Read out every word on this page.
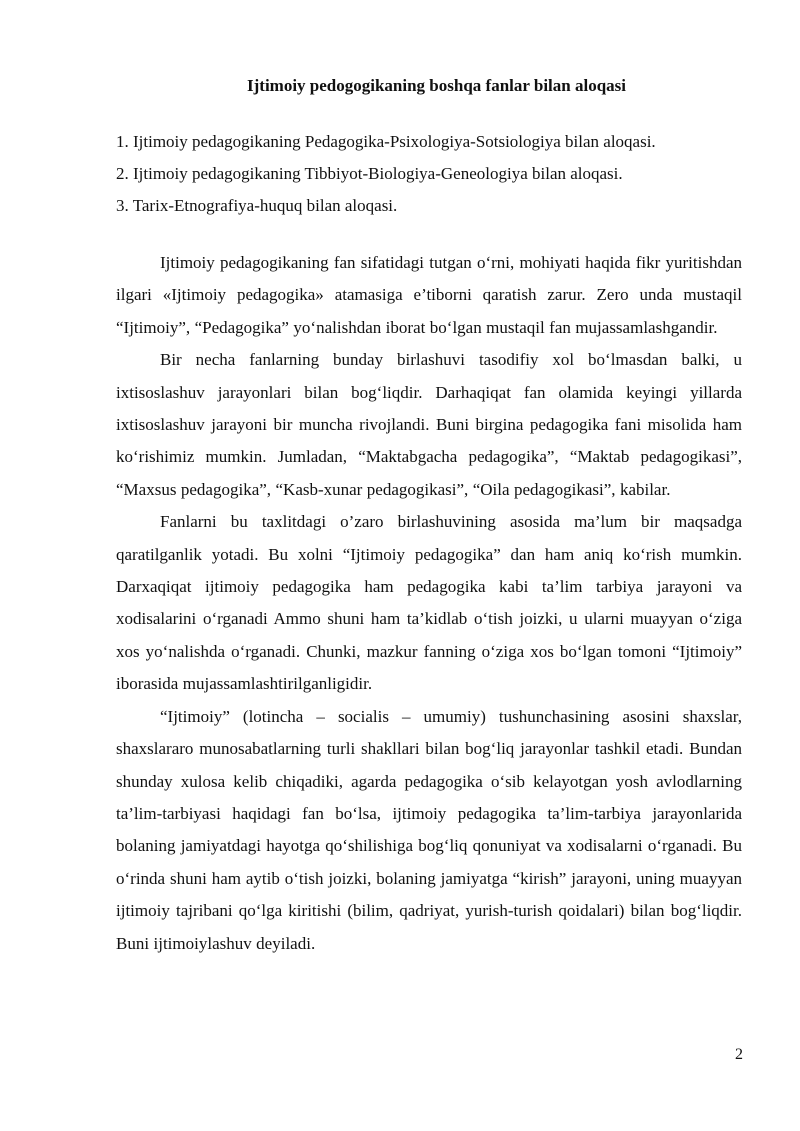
Ijtimoiy pedogogikaning boshqa fanlar bilan aloqasi
1. Ijtimoiy pedagogikaning Pedagogika-Psixologiya-Sotsiologiya bilan aloqasi.
2. Ijtimoiy pedagogikaning Tibbiyot-Biologiya-Geneologiya bilan aloqasi.
3. Tarix-Etnografiya-huquq bilan aloqasi.

Ijtimoiy pedagogikaning fan sifatidagi tutgan o‘rni, mohiyati haqida fikr yuritishdan ilgari «Ijtimoiy pedagogika» atamasiga e’tiborni qaratish zarur. Zero unda mustaqil “Ijtimoiy”, “Pedagogika” yo‘nalishdan iborat bo‘lgan mustaqil fan mujassamlashgandir.

Bir necha fanlarning bunday birlashuvi tasodifiy xol bo‘lmasdan balki, u ixtisoslashuv jarayonlari bilan bog‘liqdir. Darhaqiqat fan olamida keyingi yillarda ixtisoslashuv jarayoni bir muncha rivojlandi. Buni birgina pedagogika fani misolida ham ko‘rishimiz mumkin. Jumladan, “Maktabgacha pedagogika”, “Maktab pedagogikasi”, “Maxsus pedagogika”, “Kasb-xunar pedagogikasi”, “Oila pedagogikasi”, kabilar.

Fanlarni bu taxlitdagi o’zaro birlashuvining asosida ma’lum bir maqsadga qaratilganlik yotadi. Bu xolni “Ijtimoiy pedagogika” dan ham aniq ko‘rish mumkin. Darxaqiqat ijtimoiy pedagogika ham pedagogika kabi ta’lim tarbiya jarayoni va xodisalarini o‘rganadi Ammo shuni ham ta’kidlab o‘tish joizki, u ularni muayyan o‘ziga xos yo‘nalishda o‘rganadi. Chunki, mazkur fanning o‘ziga xos bo‘lgan tomoni “Ijtimoiy” iborasida mujassamlashtirilganligidir.

“Ijtimoiy” (lotincha – socialis – umumiy) tushunchasining asosini shaxslar, shaxslararo munosabatlarning turli shakllari bilan bog‘liq jarayonlar tashkil etadi. Bundan shunday xulosa kelib chiqadiki, agarda pedagogika o‘sib kelayotgan yosh avlodlarning ta’lim-tarbiyasi haqidagi fan bo‘lsa, ijtimoiy pedagogika ta’lim-tarbiya jarayonlarida bolaning jamiyatdagi hayotga qo‘shilishiga bog‘liq qonuniyat va xodisalarni o‘rganadi. Bu o‘rinda shuni ham aytib o‘tish joizki, bolaning jamiyatga “kirish” jarayoni, uning muayyan ijtimoiy tajribani qo‘lga kiritishi (bilim, qadriyat, yurish-turish qoidalari) bilan bog‘liqdir. Buni ijtimoiylashuv deyiladi.

2
